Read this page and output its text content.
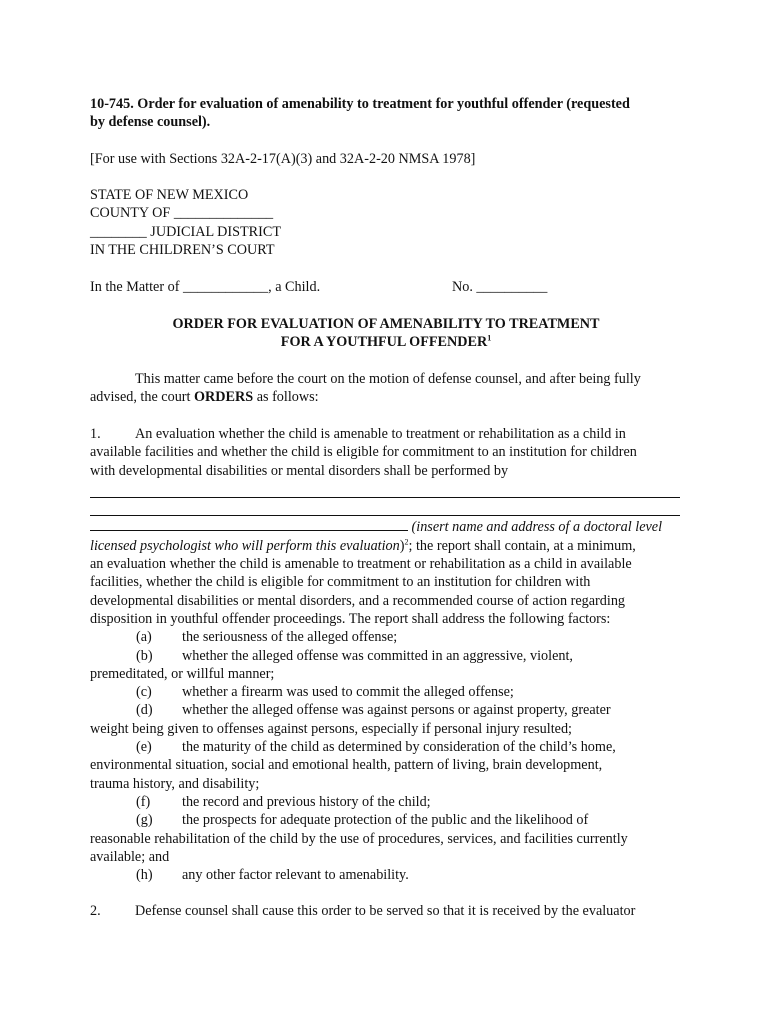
10-745. Order for evaluation of amenability to treatment for youthful offender (requested
by defense counsel).
[For use with Sections 32A-2-17(A)(3) and 32A-2-20 NMSA 1978]
STATE OF NEW MEXICO
COUNTY OF ______________
________ JUDICIAL DISTRICT
IN THE CHILDREN’S COURT
In the Matter of ____________, a Child.	No. __________
ORDER FOR EVALUATION OF AMENABILITY TO TREATMENT
FOR A YOUTHFUL OFFENDER$^1$
This matter came before the court on the motion of defense counsel, and after being fully
advised, the court ORDERS as follows:
1.	An evaluation whether the child is amenable to treatment or rehabilitation as a child in
available facilities and whether the child is eligible for commitment to an institution for children
with developmental disabilities or mental disorders shall be performed by
(insert name and address of a doctoral level
licensed psychologist who will perform this evaluation)$^2$; the report shall contain, at a minimum,
an evaluation whether the child is amenable to treatment or rehabilitation as a child in available
facilities, whether the child is eligible for commitment to an institution for children with
developmental disabilities or mental disorders, and a recommended course of action regarding
disposition in youthful offender proceedings. The report shall address the following factors:
(a)	the seriousness of the alleged offense;
(b)	whether the alleged offense was committed in an aggressive, violent,
premeditated, or willful manner;
(c)	whether a firearm was used to commit the alleged offense;
(d)	whether the alleged offense was against persons or against property, greater
weight being given to offenses against persons, especially if personal injury resulted;
(e)	the maturity of the child as determined by consideration of the child’s home,
environmental situation, social and emotional health, pattern of living, brain development,
trauma history, and disability;
(f)	the record and previous history of the child;
(g)	the prospects for adequate protection of the public and the likelihood of
reasonable rehabilitation of the child by the use of procedures, services, and facilities currently
available; and
(h)	any other factor relevant to amenability.
2.	Defense counsel shall cause this order to be served so that it is received by the evaluator
